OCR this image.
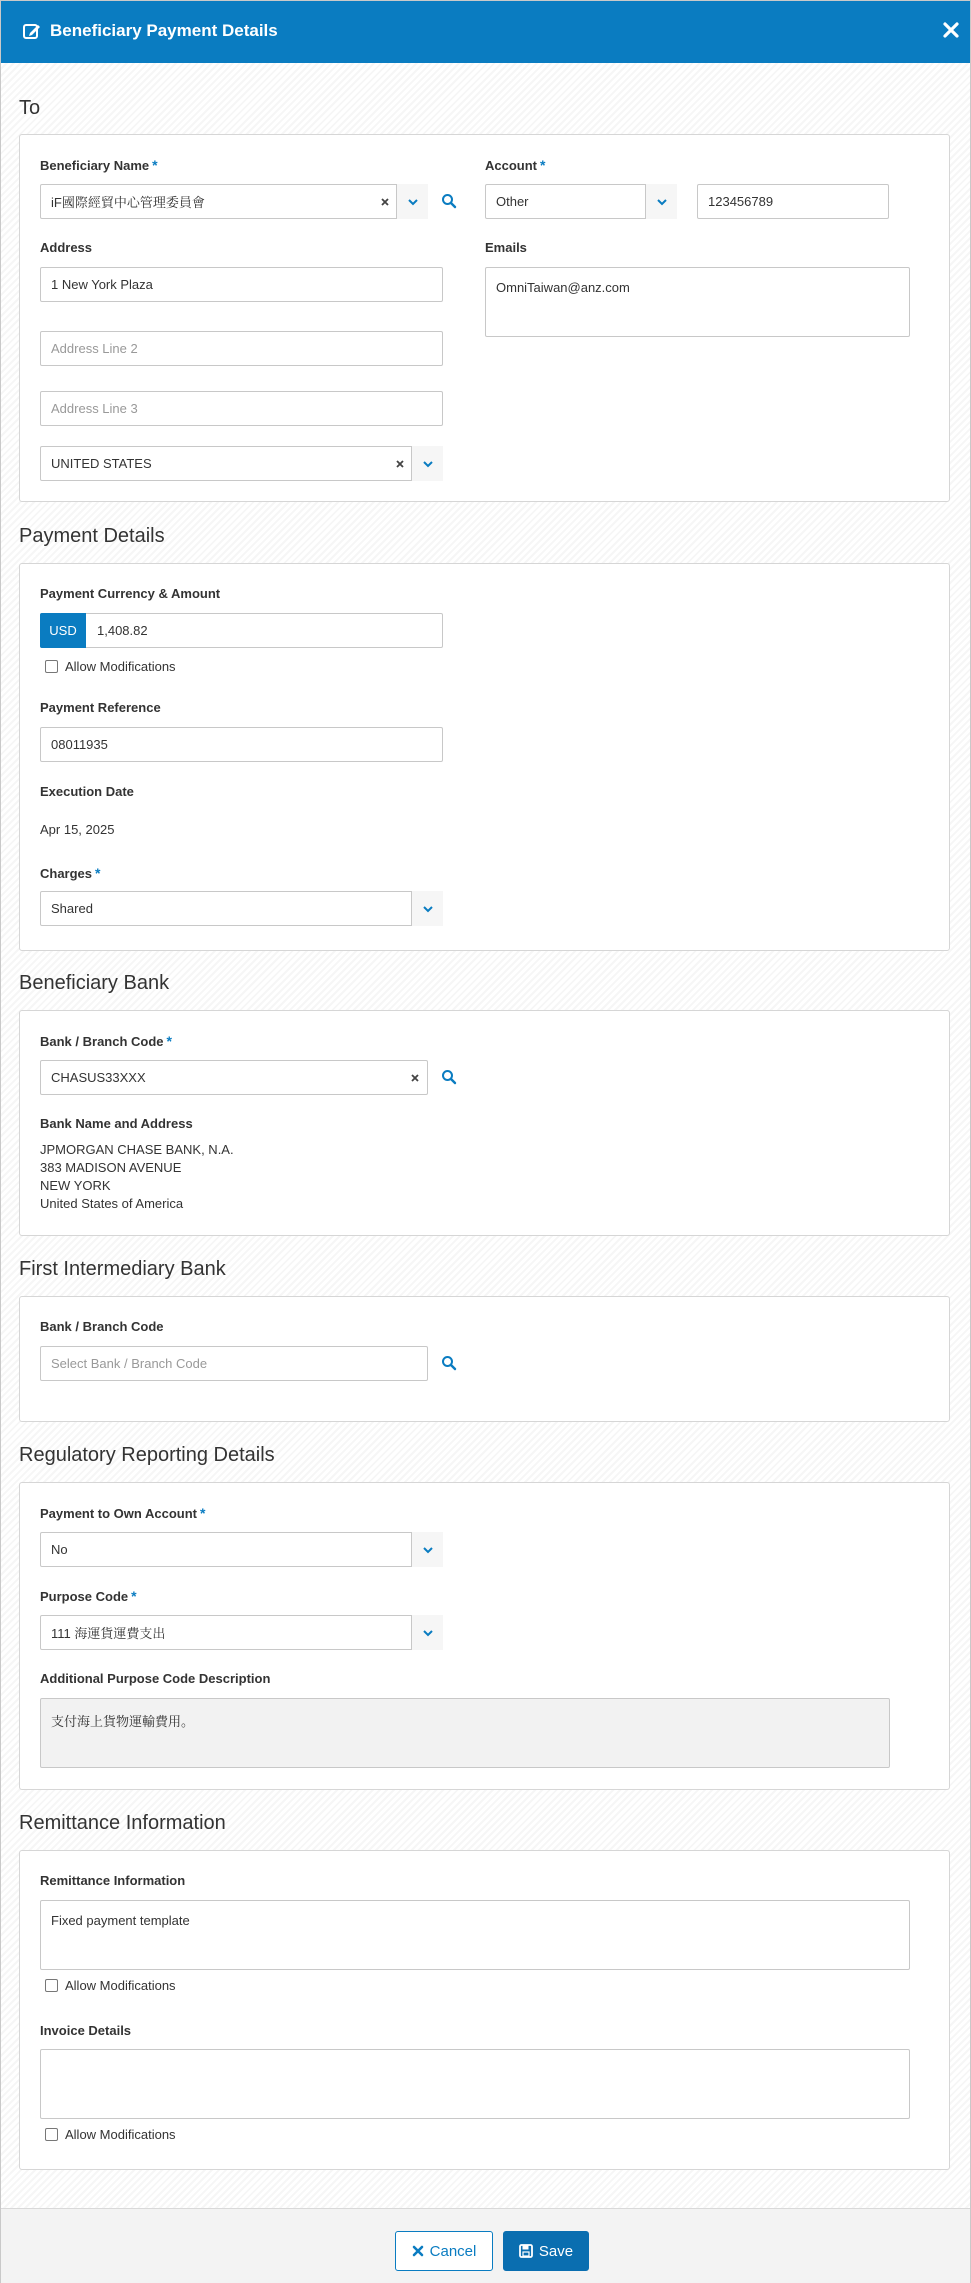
Beneficiary Payment Details
To
Beneficiary Name *
iF國際經貿中心管理委員會
Account *
Other	123456789
Address
1 New York Plaza
Address Line 2
Address Line 3
UNITED STATES
Emails
OmniTaiwan@anz.com
Payment Details
Payment Currency & Amount
USD	1,408.82
Allow Modifications
Payment Reference
08011935
Execution Date
Apr 15, 2025
Charges *
Shared
Beneficiary Bank
Bank / Branch Code *
CHASUS33XXX
Bank Name and Address
JPMORGAN CHASE BANK, N.A.
383 MADISON AVENUE
NEW YORK
United States of America
First Intermediary Bank
Bank / Branch Code
Select Bank / Branch Code
Regulatory Reporting Details
Payment to Own Account *
No
Purpose Code *
111 海運貨運費支出
Additional Purpose Code Description
支付海上貨物運輸費用。
Remittance Information
Remittance Information
Fixed payment template
Allow Modifications
Invoice Details
Allow Modifications
Cancel	Save
